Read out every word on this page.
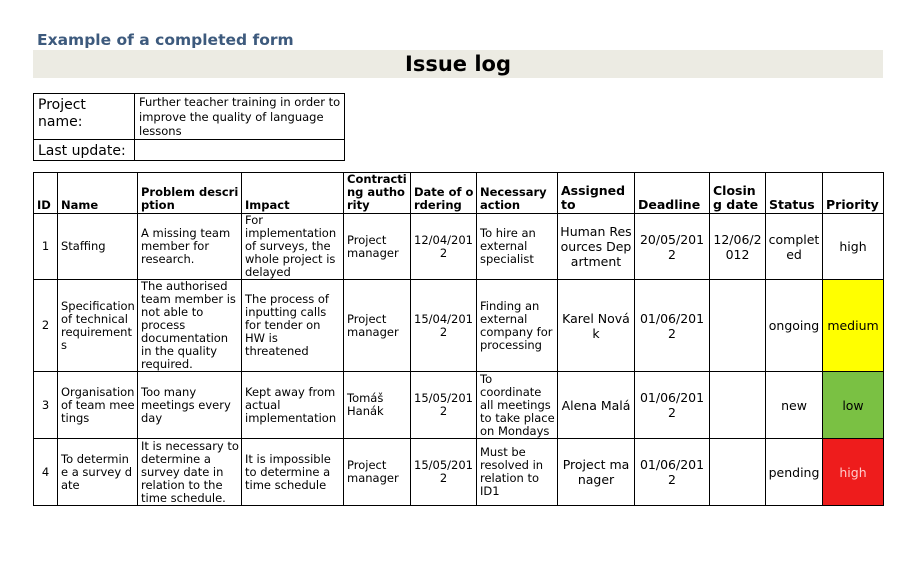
Example of a completed form
Issue log
Project name:	Further teacher training in order to improve the quality of language lessons
Last update:	
ID	Name	Problem description	Impact	Contracting authority	Date of ordering	Necessary action	Assigned to	Deadline	Closing date	Status	Priority
1	Staffing	A missing team member for research.	For implementation of surveys, the whole project is delayed	Project manager	12/04/2012	To hire an external specialist	Human Resources Department	20/05/2012	12/06/2012	completed	high
2	Specification of technical requirements	The authorised team member is not able to process documentation in the quality required.	The process of inputting calls for tender on HW is threatened	Project manager	15/04/2012	Finding an external company for processing	Karel Novák	01/06/2012		ongoing	medium
3	Organisation of team meetings	Too many meetings every day	Kept away from actual implementation	Tomáš Hanák	15/05/2012	To coordinate all meetings to take place on Mondays	Alena Malá	01/06/2012		new	low
4	To determine a survey date	It is necessary to determine a survey date in relation to the time schedule.	It is impossible to determine a time schedule	Project manager	15/05/2012	Must be resolved in relation to ID1	Project manager	01/06/2012		pending	high
